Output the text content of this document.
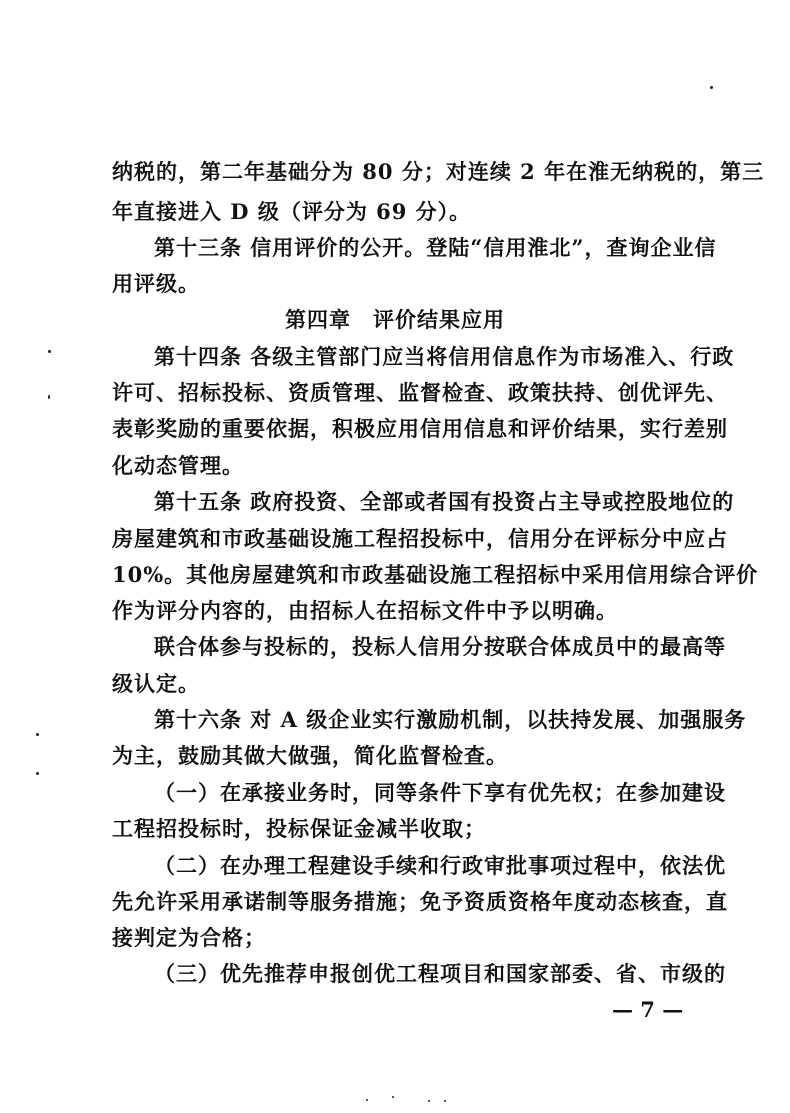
纳税的，第二年基础分为 80 分；对连续 2 年在淮无纳税的，第三
年直接进入 D 级（评分为 69 分）。
第十三条 信用评价的公开。登陆“信用淮北”，查询企业信
用评级。
第四章　评价结果应用
第十四条 各级主管部门应当将信用信息作为市场准入、行政
许可、招标投标、资质管理、监督检查、政策扶持、创优评先、
表彰奖励的重要依据，积极应用信用信息和评价结果，实行差别
化动态管理。
第十五条 政府投资、全部或者国有投资占主导或控股地位的
房屋建筑和市政基础设施工程招投标中，信用分在评标分中应占
10%。其他房屋建筑和市政基础设施工程招标中采用信用综合评价
作为评分内容的，由招标人在招标文件中予以明确。
联合体参与投标的，投标人信用分按联合体成员中的最高等
级认定。
第十六条 对 A 级企业实行激励机制，以扶持发展、加强服务
为主，鼓励其做大做强，简化监督检查。
（一）在承接业务时，同等条件下享有优先权；在参加建设
工程招投标时，投标保证金减半收取；
（二）在办理工程建设手续和行政审批事项过程中，依法优
先允许采用承诺制等服务措施；免予资质资格年度动态核查，直
接判定为合格；
（三）优先推荐申报创优工程项目和国家部委、省、市级的
— 7 —
